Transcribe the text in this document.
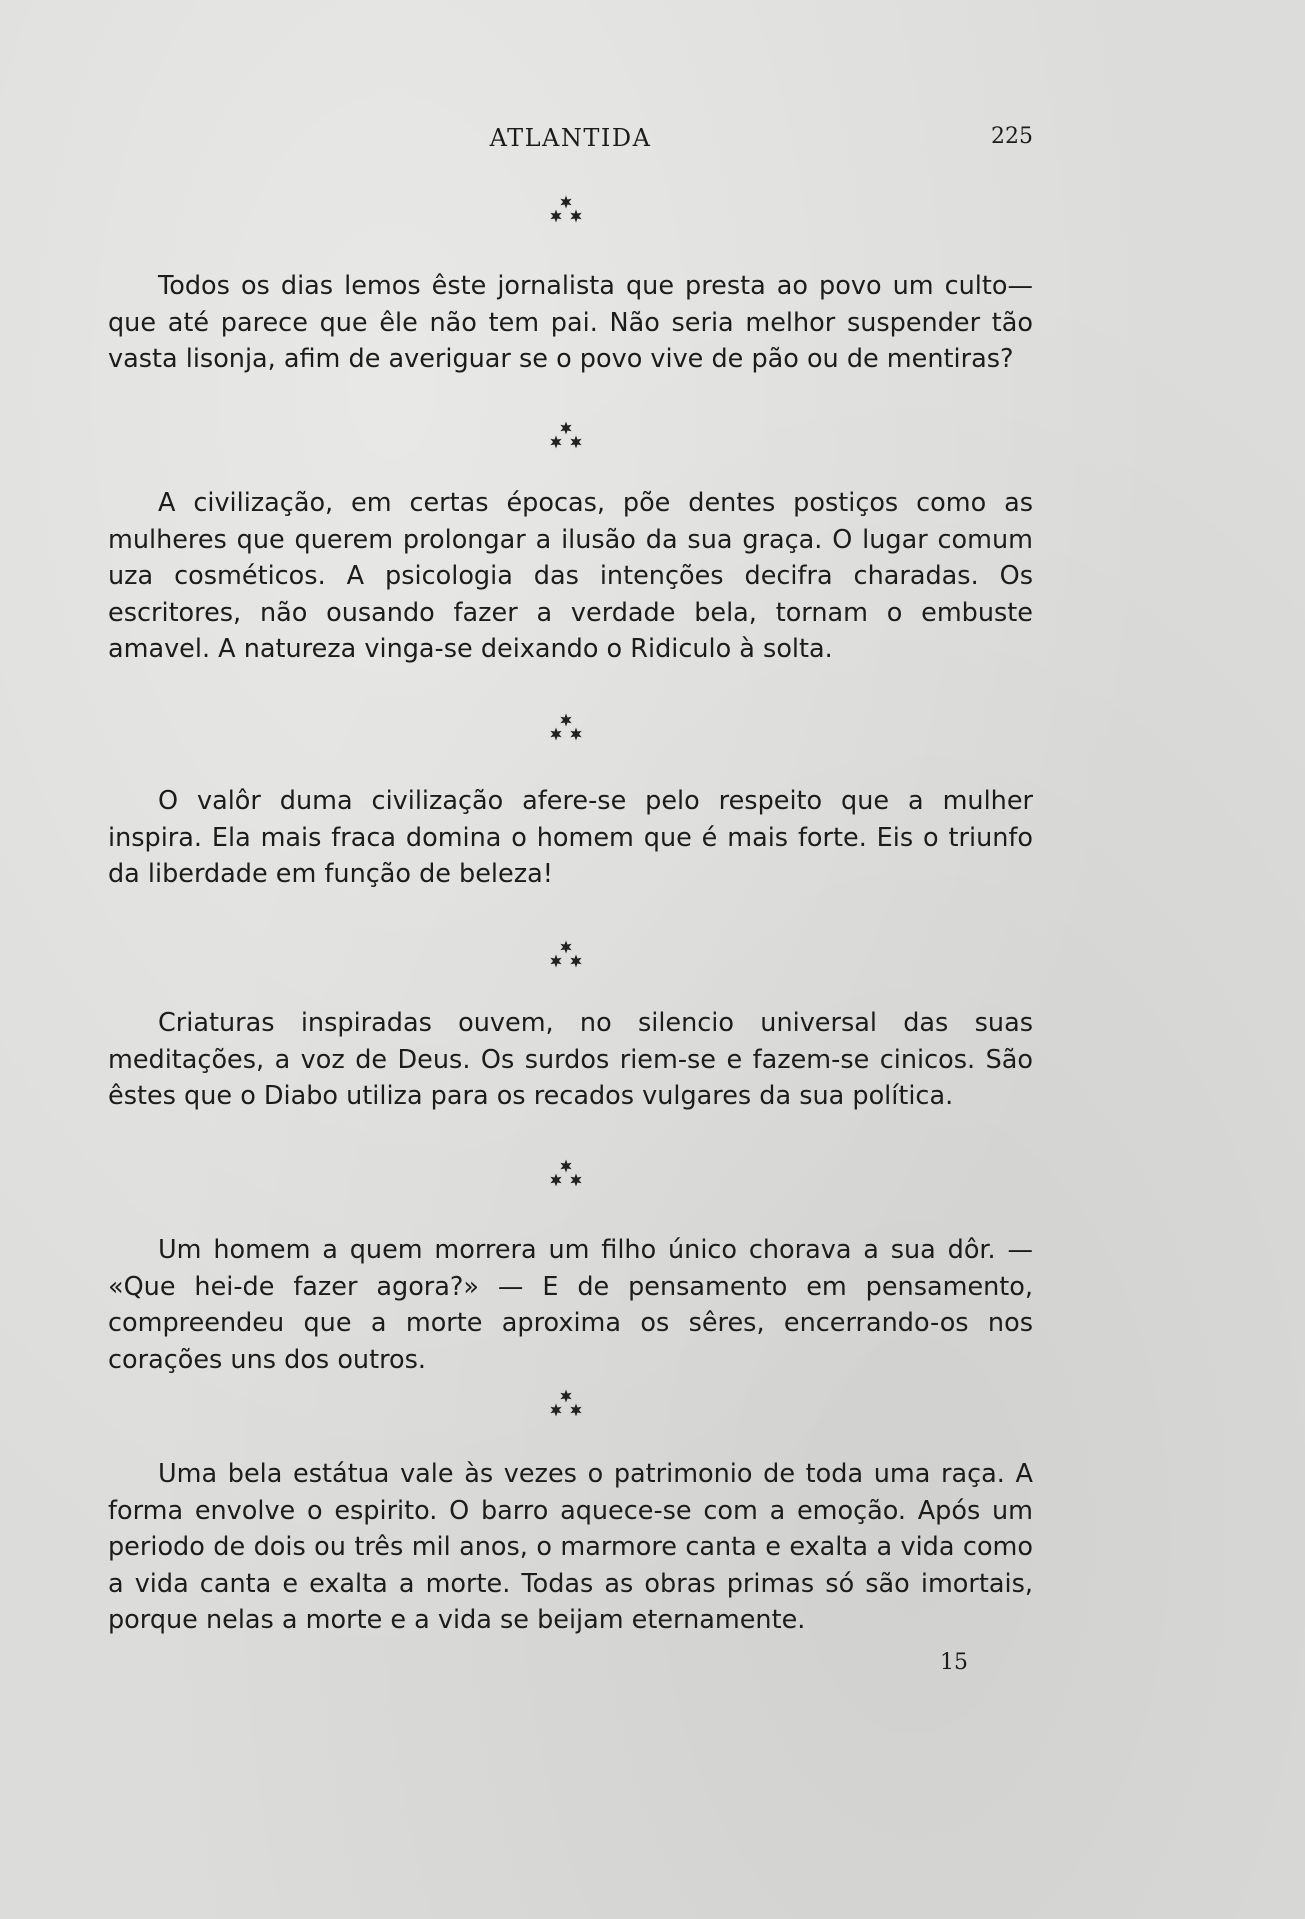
ATLANTIDA	225

Todos os dias lemos êste jornalista que presta ao povo um culto—que até parece que êle não tem pai. Não seria melhor suspender tão vasta lisonja, afim de averiguar se o povo vive de pão ou de mentiras?

A civilização, em certas épocas, põe dentes postiços como as mulheres que querem prolongar a ilusão da sua graça. O lugar comum uza cosméticos. A psicologia das intenções decifra charadas. Os escritores, não ousando fazer a verdade bela, tornam o embuste amavel. A natureza vinga-se deixando o Ridiculo à solta.

O valôr duma civilização afere-se pelo respeito que a mulher inspira. Ela mais fraca domina o homem que é mais forte. Eis o triunfo da liberdade em função de beleza!

Criaturas inspiradas ouvem, no silencio universal das suas meditações, a voz de Deus. Os surdos riem-se e fazem-se cinicos. São êstes que o Diabo utiliza para os recados vulgares da sua política.

Um homem a quem morrera um filho único chorava a sua dôr. — «Que hei-de fazer agora?» — E de pensamento em pensamento, compreendeu que a morte aproxima os sêres, encerrando-os nos corações uns dos outros.

Uma bela estátua vale às vezes o patrimonio de toda uma raça. A forma envolve o espirito. O barro aquece-se com a emoção. Após um periodo de dois ou três mil anos, o marmore canta e exalta a vida como a vida canta e exalta a morte. Todas as obras primas só são imortais, porque nelas a morte e a vida se beijam eternamente.

15
